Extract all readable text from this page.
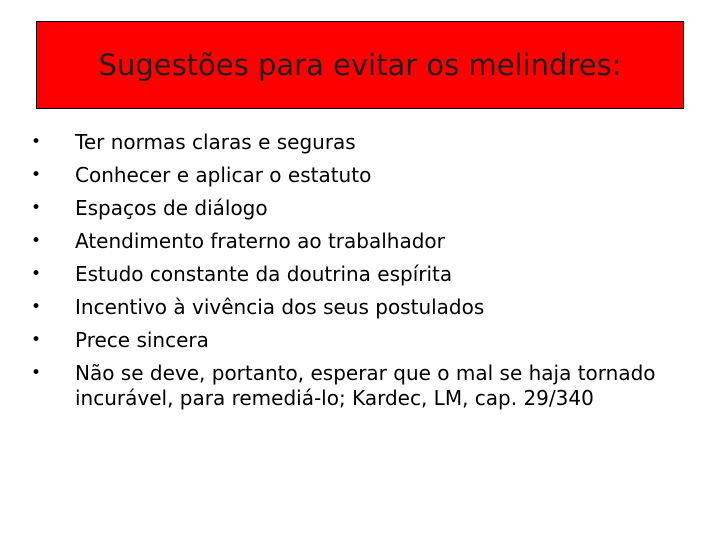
Sugestões para evitar os melindres:
• Ter normas claras e seguras
• Conhecer e aplicar o estatuto
• Espaços de diálogo
• Atendimento fraterno ao trabalhador
• Estudo constante da doutrina espírita
• Incentivo à vivência dos seus postulados
• Prece sincera
• Não se deve, portanto, esperar que o mal se haja tornado incurável, para remediá-lo; Kardec, LM, cap. 29/340
